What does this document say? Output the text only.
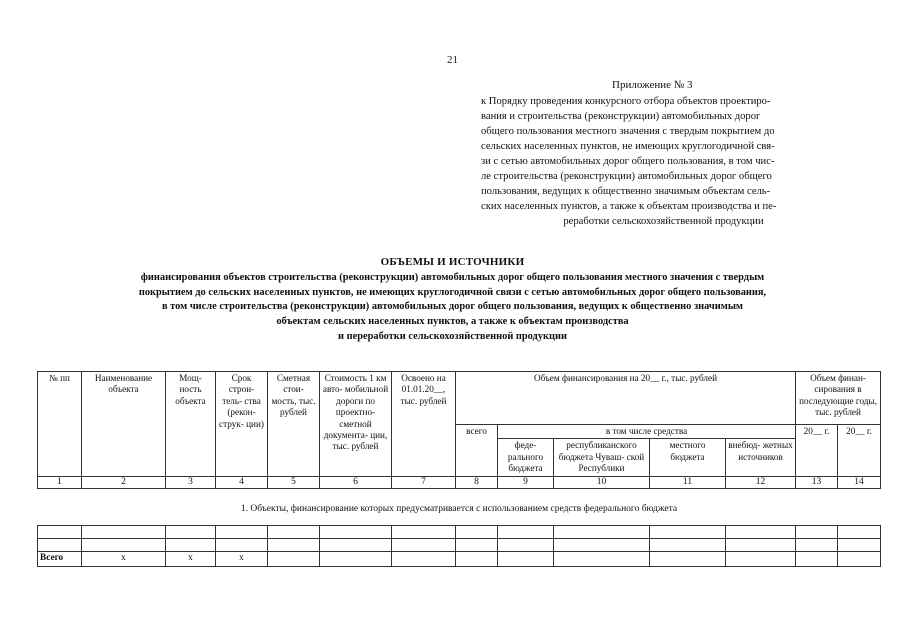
21
Приложение № 3
к Порядку проведения конкурсного отбора объектов проектиро-
вания и строительства (реконструкции) автомобильных дорог
общего пользования местного значения с твердым покрытием до
сельских населенных пунктов, не имеющих круглогодичной свя-
зи с сетью автомобильных дорог общего пользования, в том чис-
ле строительства (реконструкции) автомобильных дорог общего
пользования, ведущих к общественно значимым объектам сель-
ских населенных пунктов, а также к объектам производства и пе-
реработки сельскохозяйственной продукции
ОБЪЕМЫ И ИСТОЧНИКИ
финансирования объектов строительства (реконструкции) автомобильных дорог общего пользования местного значения с твердым
покрытием до сельских населенных пунктов, не имеющих круглогодичной связи с сетью автомобильных дорог общего пользования,
в том числе строительства (реконструкции) автомобильных дорог общего пользования, ведущих к общественно значимым
объектам сельских населенных пунктов, а также к объектам производства
и переработки сельскохозяйственной продукции
№ пп	Наименование объекта	Мощ- ность объекта	Срок строи- тель- ства (рекон- струк- ции)	Сметная стои- мость, тыс. рублей	Стоимость 1 км авто- мобильной дороги по проектно- сметной документа- ции, тыс. рублей	Освоено на 01.01.20__, тыс. рублей	Объем финансирования на 20__ г., тыс. рублей					Объем финан- сирования в последующие годы, тыс. рублей	
							всего	в том числе средства				20__ г.	20__ г.
								феде- рального бюджета	республиканского бюджета Чуваш- ской Республики	местного бюджета	внебюд- жетных источников		
1	2	3	4	5	6	7	8	9	10	11	12	13	14
1. Объекты, финансирование которых предусматривается с использованием средств федерального бюджета													

Всего	х	х	х										
